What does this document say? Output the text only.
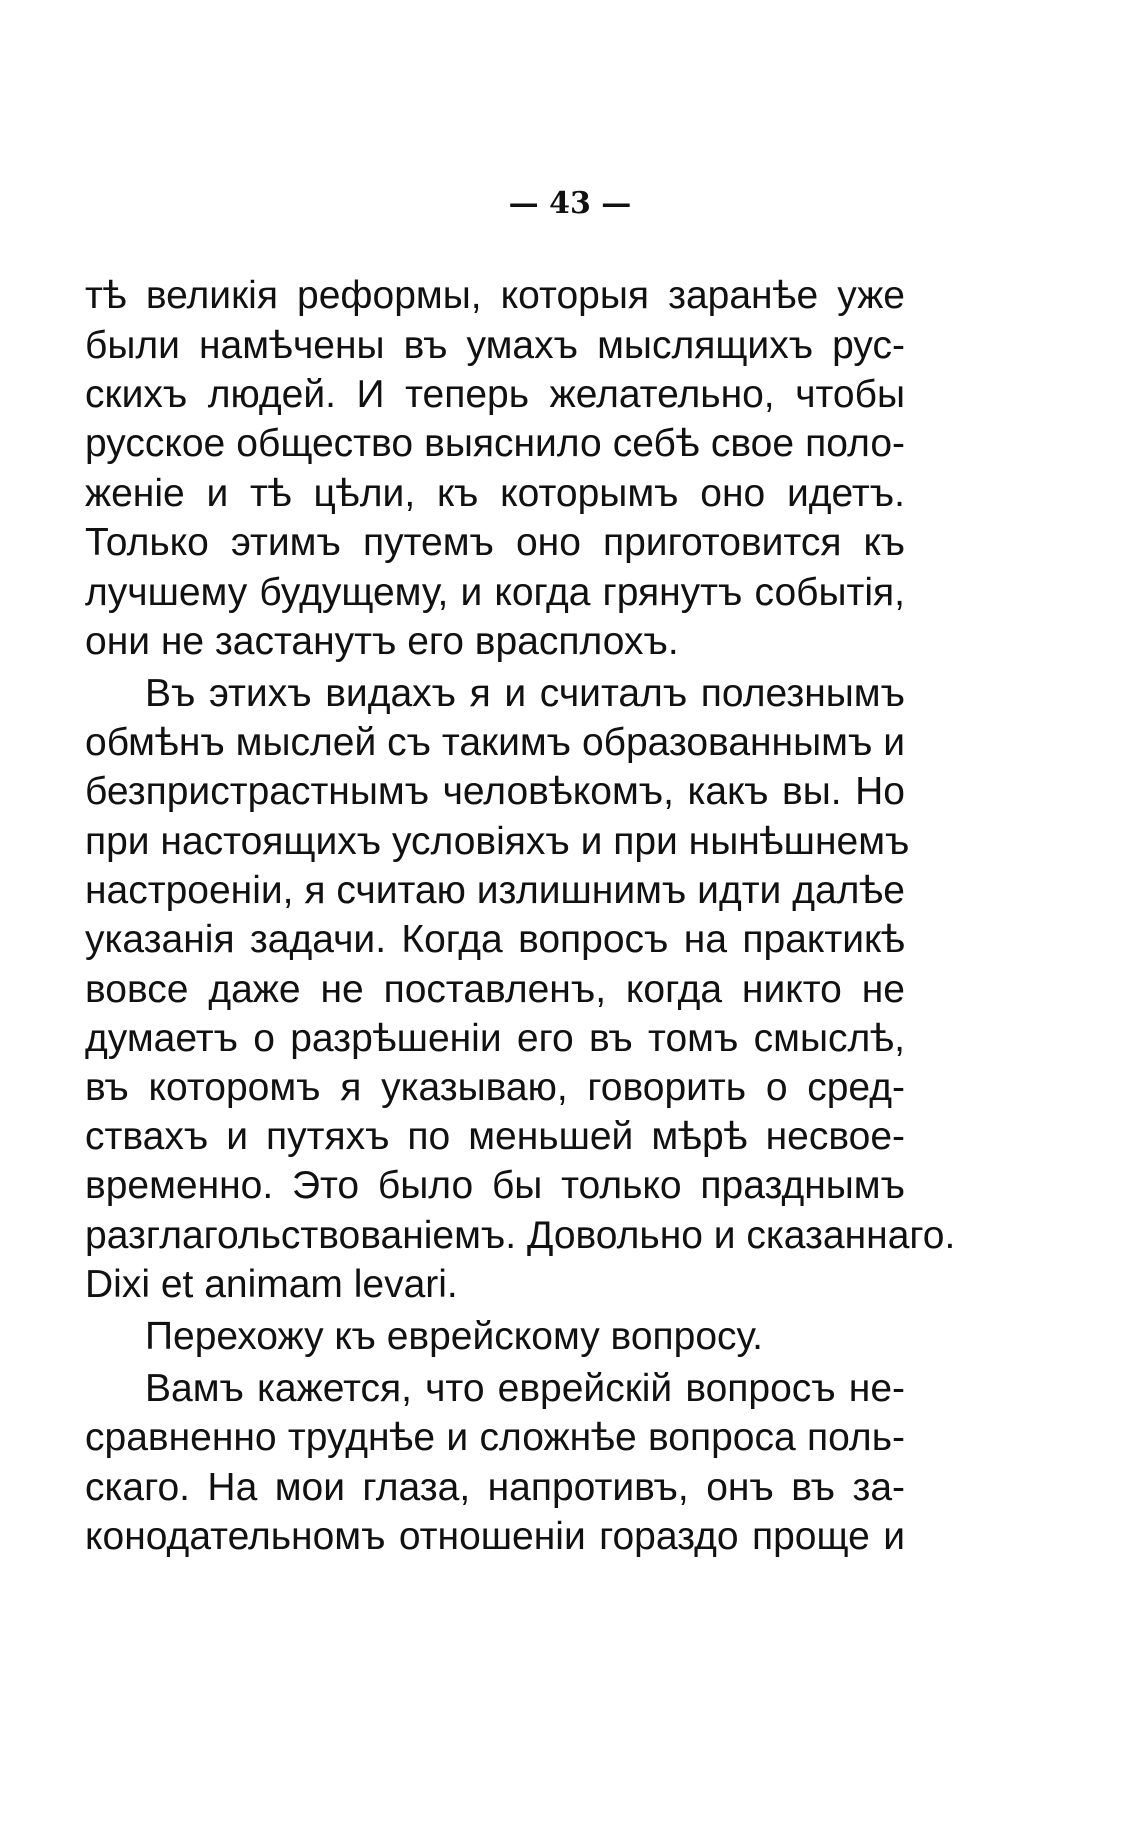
— 43 —
тѣ великія реформы, которыя заранѣе уже
были намѣчены въ умахъ мыслящихъ рус-
скихъ людей. И теперь желательно, чтобы
русское общество выяснило себѣ свое поло-
женіе и тѣ цѣли, къ которымъ оно идетъ.
Только этимъ путемъ оно приготовится къ
лучшему будущему, и когда грянутъ событія,
они не застанутъ его врасплохъ.
Въ этихъ видахъ я и считалъ полезнымъ
обмѣнъ мыслей съ такимъ образованнымъ и
безпристрастнымъ человѣкомъ, какъ вы. Но
при настоящихъ условіяхъ и при нынѣшнемъ
настроеніи, я считаю излишнимъ идти далѣе
указанія задачи. Когда вопросъ на практикѣ
вовсе даже не поставленъ, когда никто не
думаетъ о разрѣшеніи его въ томъ смыслѣ,
въ которомъ я указываю, говорить о сред-
ствахъ и путяхъ по меньшей мѣрѣ несвое-
временно. Это было бы только празднымъ
разглагольствованіемъ. Довольно и сказаннаго.
Dixi et animam levari.
Перехожу къ еврейскому вопросу.
Вамъ кажется, что еврейскій вопросъ не-
сравненно труднѣе и сложнѣе вопроса поль-
скаго. На мои глаза, напротивъ, онъ въ за-
конодательномъ отношеніи гораздо проще и
